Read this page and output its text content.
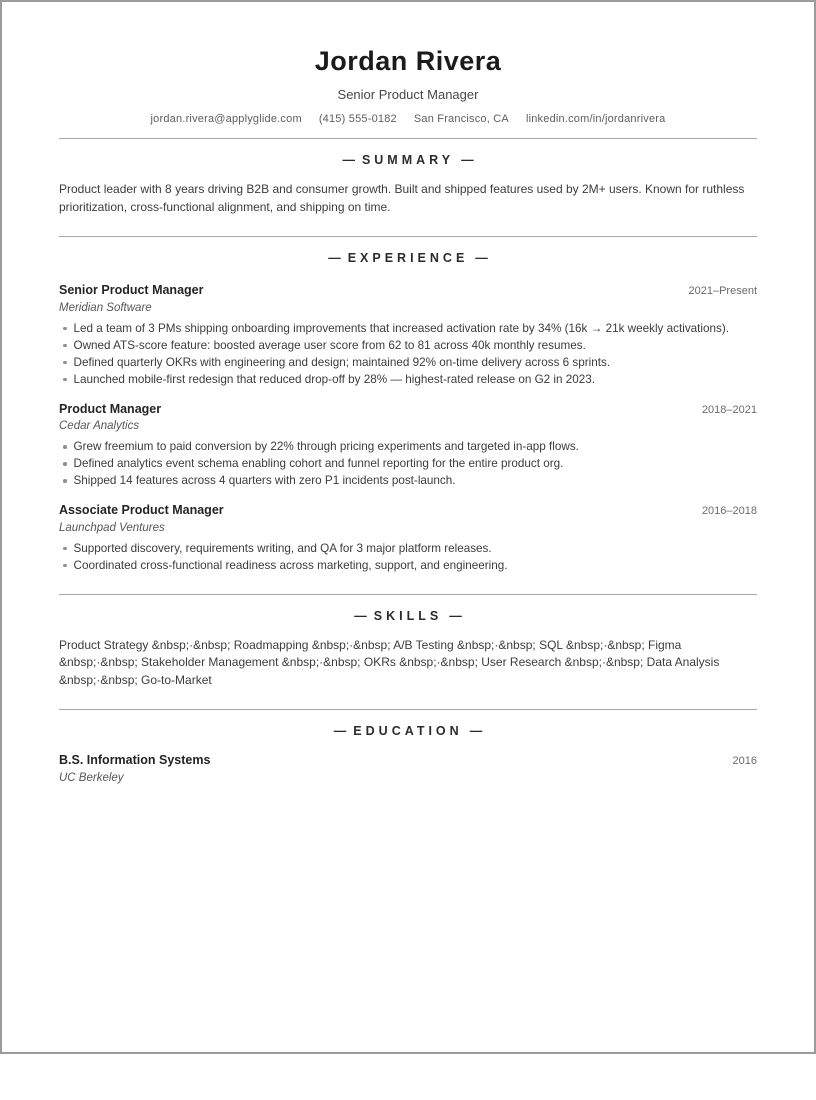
Jordan Rivera
Senior Product Manager
jordan.rivera@applyglide.com (415) 555-0182 San Francisco, CA linkedin.com/in/jordanrivera
— SUMMARY —

Product leader with 8 years driving B2B and consumer growth. Built and shipped features used by 2M+ users. Known for ruthless prioritization, cross-functional alignment, and shipping on time.

— EXPERIENCE —
Senior Product Manager	2021–Present
Meridian Software
Led a team of 3 PMs shipping onboarding improvements that increased activation rate by 34% (16k → 21k weekly activations).
Owned ATS-score feature: boosted average user score from 62 to 81 across 40k monthly resumes.
Defined quarterly OKRs with engineering and design; maintained 92% on-time delivery across 6 sprints.
Launched mobile-first redesign that reduced drop-off by 28% — highest-rated release on G2 in 2023.
Product Manager	2018–2021
Cedar Analytics
Grew freemium to paid conversion by 22% through pricing experiments and targeted in-app flows.
Defined analytics event schema enabling cohort and funnel reporting for the entire product org.
Shipped 14 features across 4 quarters with zero P1 incidents post-launch.
Associate Product Manager	2016–2018
Launchpad Ventures
Supported discovery, requirements writing, and QA for 3 major platform releases.
Coordinated cross-functional readiness across marketing, support, and engineering.
— SKILLS —

Product Strategy &nbsp;·&nbsp; Roadmapping &nbsp;·&nbsp; A/B Testing &nbsp;·&nbsp; SQL &nbsp;·&nbsp; Figma &nbsp;·&nbsp; Stakeholder Management &nbsp;·&nbsp; OKRs &nbsp;·&nbsp; User Research &nbsp;·&nbsp; Data Analysis &nbsp;·&nbsp; Go-to-Market

— EDUCATION —
B.S. Information Systems	2016
UC Berkeley
